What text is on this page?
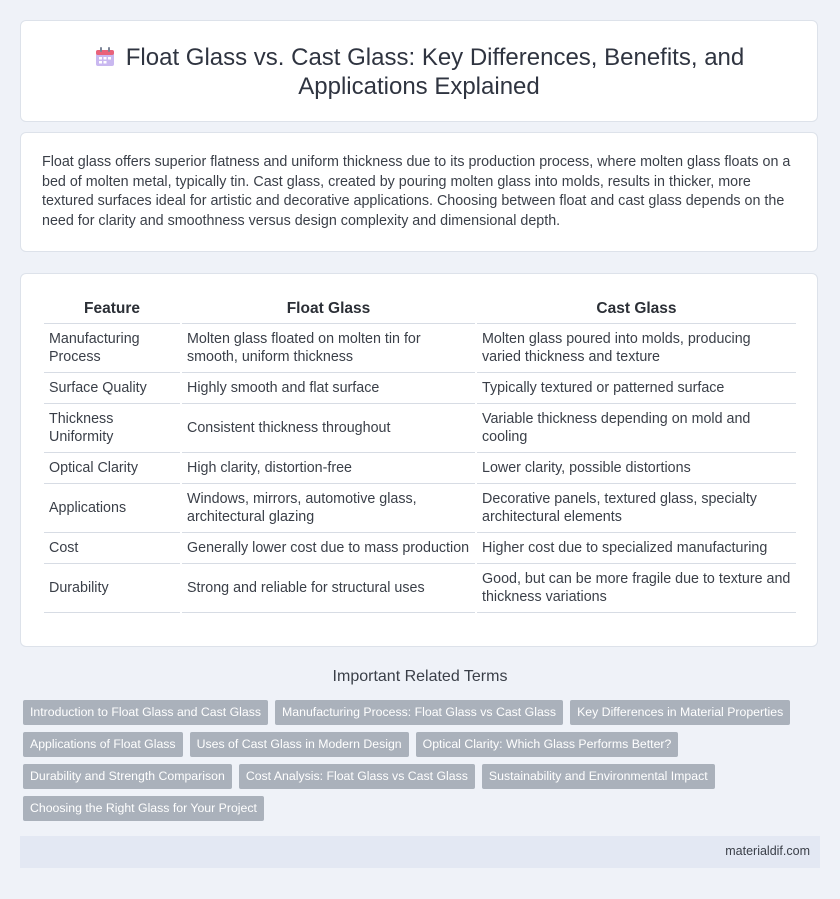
Float Glass vs. Cast Glass: Key Differences, Benefits, and Applications Explained
Float glass offers superior flatness and uniform thickness due to its production process, where molten glass floats on a bed of molten metal, typically tin. Cast glass, created by pouring molten glass into molds, results in thicker, more textured surfaces ideal for artistic and decorative applications. Choosing between float and cast glass depends on the need for clarity and smoothness versus design complexity and dimensional depth.
Feature	Float Glass	Cast Glass
Manufacturing Process	Molten glass floated on molten tin for smooth, uniform thickness	Molten glass poured into molds, producing varied thickness and texture
Surface Quality	Highly smooth and flat surface	Typically textured or patterned surface
Thickness Uniformity	Consistent thickness throughout	Variable thickness depending on mold and cooling
Optical Clarity	High clarity, distortion-free	Lower clarity, possible distortions
Applications	Windows, mirrors, automotive glass, architectural glazing	Decorative panels, textured glass, specialty architectural elements
Cost	Generally lower cost due to mass production	Higher cost due to specialized manufacturing
Durability	Strong and reliable for structural uses	Good, but can be more fragile due to texture and thickness variations
Important Related Terms
Introduction to Float Glass and Cast Glass	Manufacturing Process: Float Glass vs Cast Glass	Key Differences in Material Properties
Applications of Float Glass	Uses of Cast Glass in Modern Design	Optical Clarity: Which Glass Performs Better?
Durability and Strength Comparison	Cost Analysis: Float Glass vs Cast Glass	Sustainability and Environmental Impact
Choosing the Right Glass for Your Project
materialdif.com
